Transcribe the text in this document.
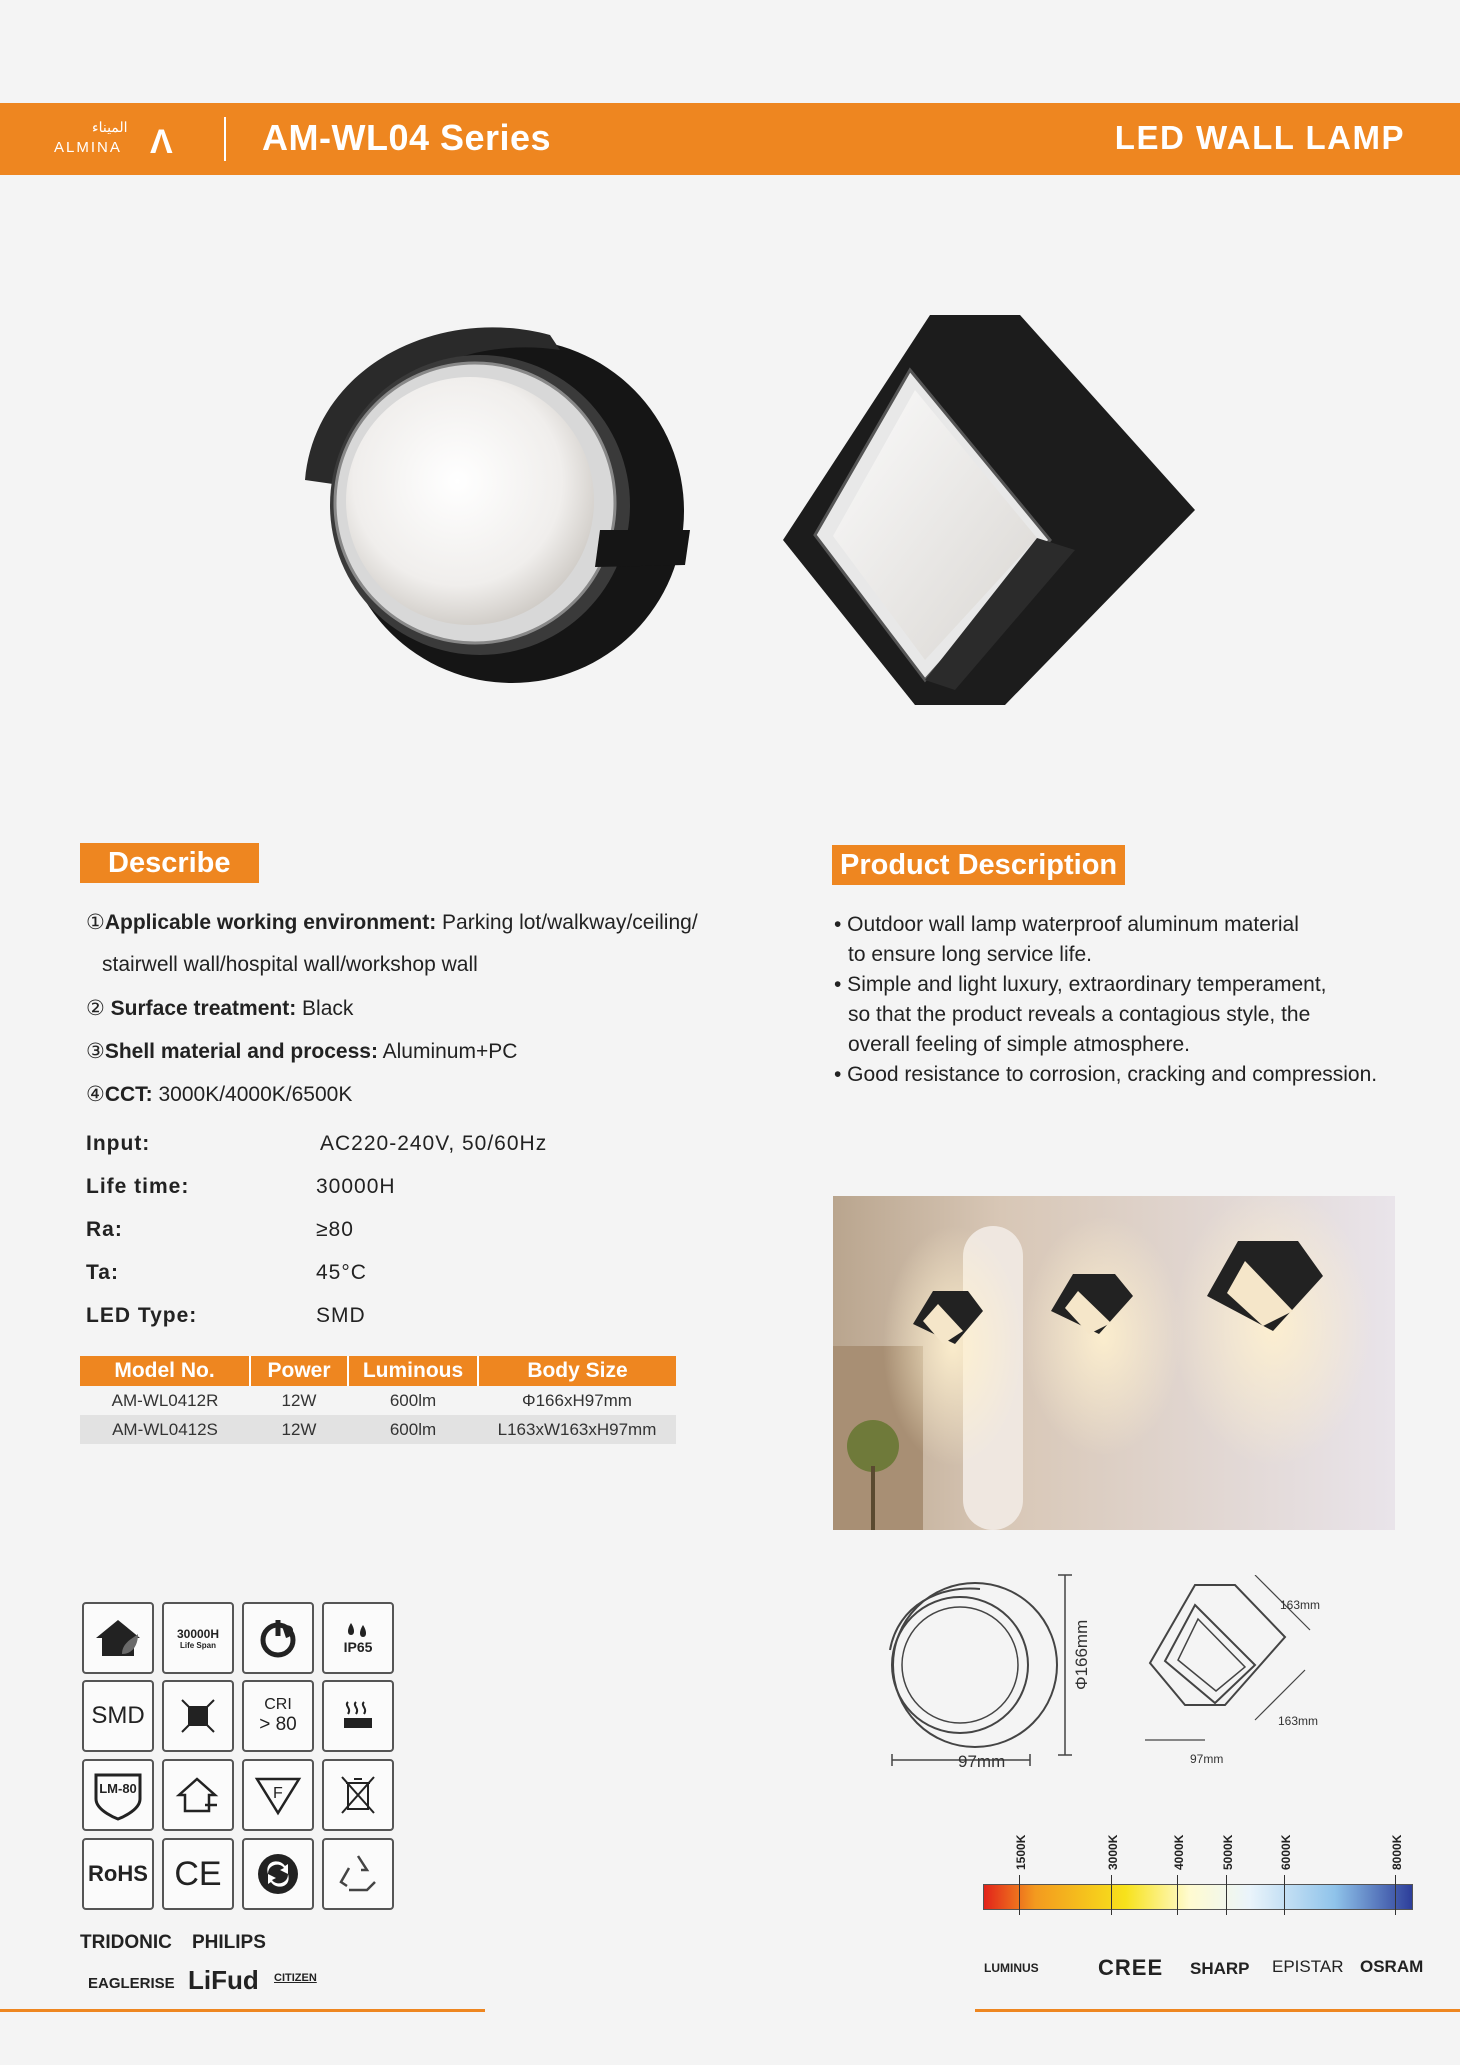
الميناء
ALMINA Λ AM-WL04 Series	LED WALL LAMP
Describe
①Applicable working environment: Parking lot/walkway/ceiling/
stairwell wall/hospital wall/workshop wall
② Surface treatment: Black
③Shell material and process: Aluminum+PC
④CCT: 3000K/4000K/6500K
Input:	AC220-240V, 50/60Hz
Life time:	30000H
Ra:	≥80
Ta:	45°C
LED Type:	SMD
Model No.	Power	Luminous	Body Size
AM-WL0412R	12W	600lm	Φ166xH97mm
AM-WL0412S	12W	600lm	L163xW163xH97mm
Product Description
• Outdoor wall lamp waterproof aluminum material
to ensure long service life.
• Simple and light luxury, extraordinary temperament,
so that the product reveals a contagious style, the
overall feeling of simple atmosphere.
• Good resistance to corrosion, cracking and compression.
30000H
Life Span	IP65
SMD	CRI
> 80
LM-80	F
RoHS CE
TRIDONIC PHILIPS
EAGLERISE LiFud CITIZEN
Φ166mm
97mm
163mm
163mm
97mm
1500K	3000K	4000K	5000K	6000K	8000K
LUMINUS	CREE SHARP EPISTAR OSRAM
